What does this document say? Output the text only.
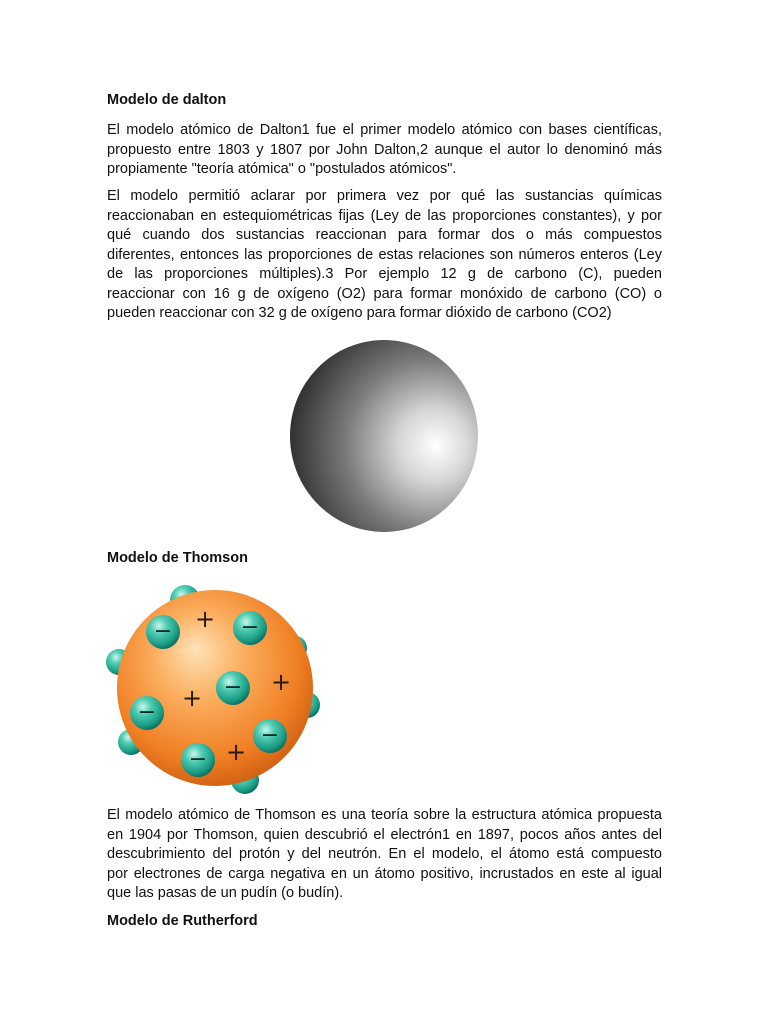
Modelo de dalton
El modelo atómico de Dalton1 fue el primer modelo atómico con bases científicas,
propuesto entre 1803 y 1807 por John Dalton,2 aunque el autor lo denominó más
propiamente "teoría atómica" o "postulados atómicos".
El modelo permitió aclarar por primera vez por qué las sustancias químicas
reaccionaban en estequiométricas fijas (Ley de las proporciones constantes), y por
qué cuando dos sustancias reaccionan para formar dos o más compuestos
diferentes, entonces las proporciones de estas relaciones son números enteros (Ley
de las proporciones múltiples).3 Por ejemplo 12 g de carbono (C), pueden
reaccionar con 16 g de oxígeno (O2) para formar monóxido de carbono (CO) o
pueden reaccionar con 32 g de oxígeno para formar dióxido de carbono (CO2)
Modelo de Thomson
El modelo atómico de Thomson es una teoría sobre la estructura atómica propuesta
en 1904 por Thomson, quien descubrió el electrón1 en 1897, pocos años antes del
descubrimiento del protón y del neutrón. En el modelo, el átomo está compuesto
por electrones de carga negativa en un átomo positivo, incrustados en este al igual
que las pasas de un pudín (o budín).
Modelo de Rutherford
−	−
−
−
−
−
+
+
+
+
